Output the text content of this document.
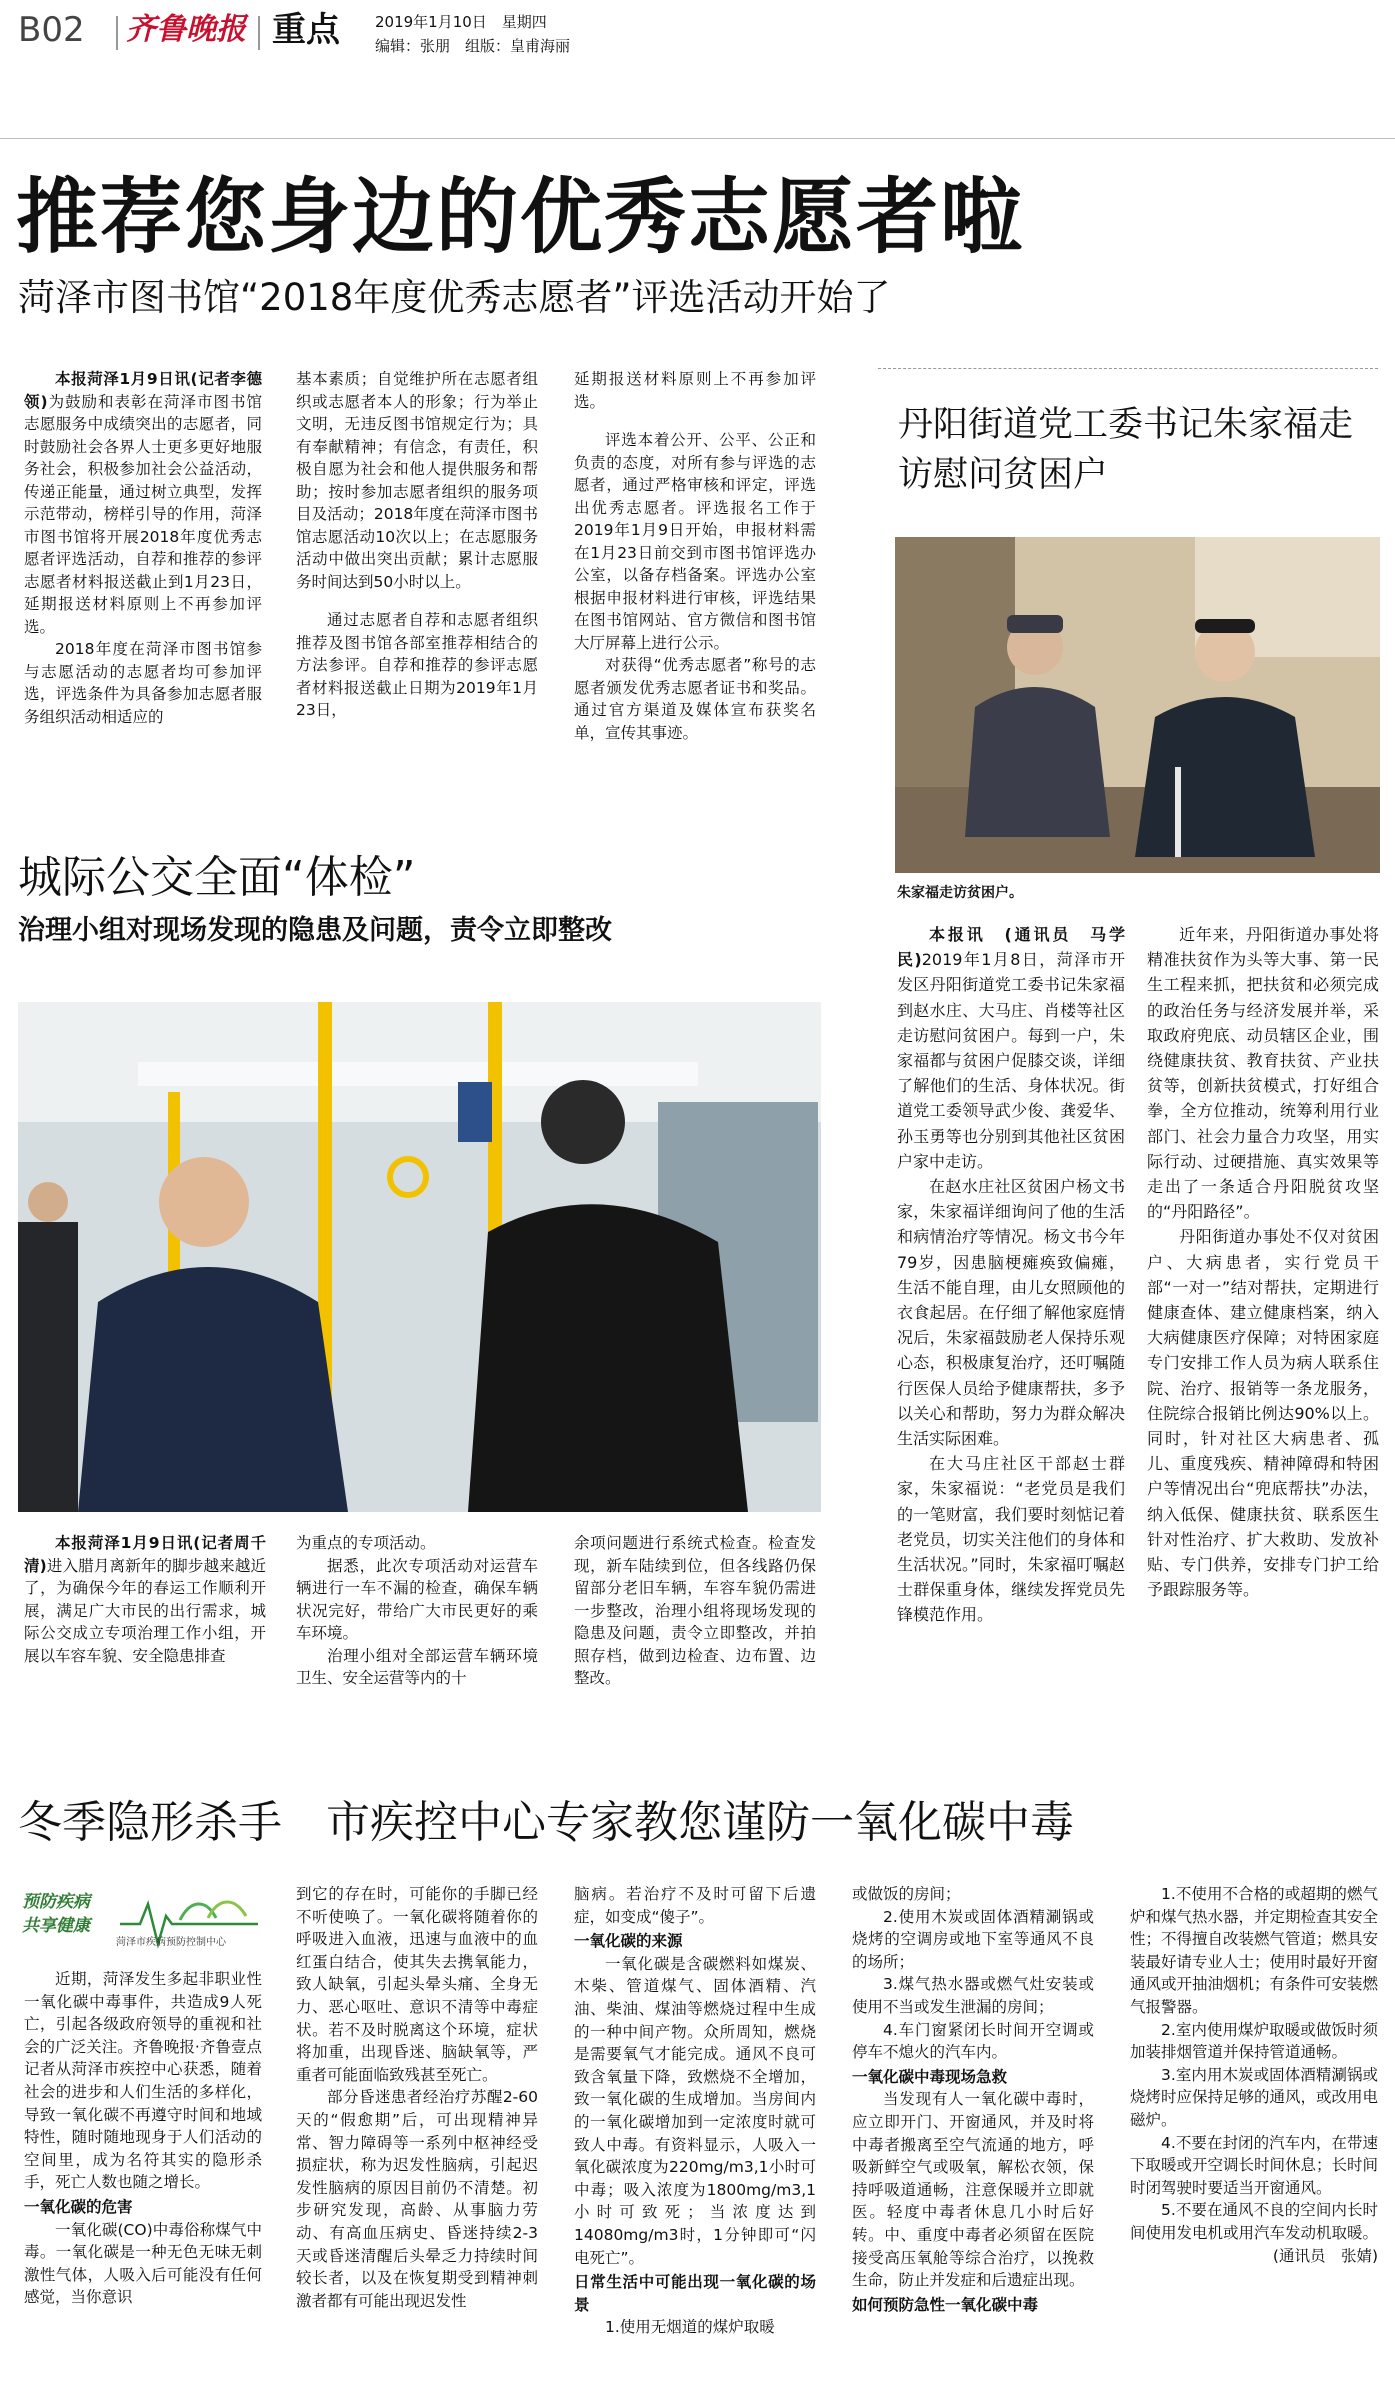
B02 齐鲁晚报 重点 2019年1月10日　星期四
编辑：张朋　组版：皇甫海丽
推荐您身边的优秀志愿者啦
菏泽市图书馆“2018年度优秀志愿者”评选活动开始了

本报菏泽1月9日讯(记者李德领)为鼓励和表彰在菏泽市图书馆志愿服务中成绩突出的志愿者，同时鼓励社会各界人士更多更好地服务社会，积极参加社会公益活动，传递正能量，通过树立典型，发挥示范带动，榜样引导的作用，菏泽市图书馆将开展2018年度优秀志愿者评选活动，自荐和推荐的参评志愿者材料报送截止到1月23日，延期报送材料原则上不再参加评选。

2018年度在菏泽市图书馆参与志愿活动的志愿者均可参加评选，评选条件为具备参加志愿者服务组织活动相适应的

基本素质；自觉维护所在志愿者组织或志愿者本人的形象；行为举止文明，无违反图书馆规定行为；具有奉献精神；有信念，有责任，积极自愿为社会和他人提供服务和帮助；按时参加志愿者组织的服务项目及活动；2018年度在菏泽市图书馆志愿活动10次以上；在志愿服务活动中做出突出贡献；累计志愿服务时间达到50小时以上。

通过志愿者自荐和志愿者组织推荐及图书馆各部室推荐相结合的方法参评。自荐和推荐的参评志愿者材料报送截止日期为2019年1月23日，

延期报送材料原则上不再参加评选。

评选本着公开、公平、公正和负责的态度，对所有参与评选的志愿者，通过严格审核和评定，评选出优秀志愿者。评选报名工作于2019年1月9日开始，申报材料需在1月23日前交到市图书馆评选办公室，以备存档备案。评选办公室根据申报材料进行审核，评选结果在图书馆网站、官方微信和图书馆大厅屏幕上进行公示。

对获得“优秀志愿者”称号的志愿者颁发优秀志愿者证书和奖品。通过官方渠道及媒体宣布获奖名单，宣传其事迹。

丹阳街道党工委书记朱家福走访慰问贫困户
朱家福走访贫困户。

本报讯　(通讯员　马学民)2019年1月8日，菏泽市开发区丹阳街道党工委书记朱家福到赵水庄、大马庄、肖楼等社区走访慰问贫困户。每到一户，朱家福都与贫困户促膝交谈，详细了解他们的生活、身体状况。街道党工委领导武少俊、龚爱华、孙玉勇等也分别到其他社区贫困户家中走访。

在赵水庄社区贫困户杨文书家，朱家福详细询问了他的生活和病情治疗等情况。杨文书今年79岁，因患脑梗瘫痪致偏瘫，生活不能自理，由儿女照顾他的衣食起居。在仔细了解他家庭情况后，朱家福鼓励老人保持乐观心态，积极康复治疗，还叮嘱随行医保人员给予健康帮扶，多予以关心和帮助，努力为群众解决生活实际困难。

在大马庄社区干部赵士群家，朱家福说：“老党员是我们的一笔财富，我们要时刻惦记着老党员，切实关注他们的身体和生活状况。”同时，朱家福叮嘱赵士群保重身体，继续发挥党员先锋模范作用。

近年来，丹阳街道办事处将精准扶贫作为头等大事、第一民生工程来抓，把扶贫和必须完成的政治任务与经济发展并举，采取政府兜底、动员辖区企业，围绕健康扶贫、教育扶贫、产业扶贫等，创新扶贫模式，打好组合拳，全方位推动，统筹利用行业部门、社会力量合力攻坚，用实际行动、过硬措施、真实效果等走出了一条适合丹阳脱贫攻坚的“丹阳路径”。

丹阳街道办事处不仅对贫困户、大病患者，实行党员干部“一对一”结对帮扶，定期进行健康查体、建立健康档案，纳入大病健康医疗保障；对特困家庭专门安排工作人员为病人联系住院、治疗、报销等一条龙服务，住院综合报销比例达90%以上。同时，针对社区大病患者、孤儿、重度残疾、精神障碍和特困户等情况出台“兜底帮扶”办法，纳入低保、健康扶贫、联系医生针对性治疗、扩大救助、发放补贴、专门供养，安排专门护工给予跟踪服务等。

城际公交全面“体检”
治理小组对现场发现的隐患及问题，责令立即整改

本报菏泽1月9日讯(记者周千清)进入腊月离新年的脚步越来越近了，为确保今年的春运工作顺利开展，满足广大市民的出行需求，城际公交成立专项治理工作小组，开展以车容车貌、安全隐患排查

为重点的专项活动。

据悉，此次专项活动对运营车辆进行一车不漏的检查，确保车辆状况完好，带给广大市民更好的乘车环境。

治理小组对全部运营车辆环境卫生、安全运营等内的十

余项问题进行系统式检查。检查发现，新车陆续到位，但各线路仍保留部分老旧车辆，车容车貌仍需进一步整改，治理小组将现场发现的隐患及问题，责令立即整改，并拍照存档，做到边检查、边布置、边整改。

冬季隐形杀手　市疾控中心专家教您谨防一氧化碳中毒
预防疾病
共享健康
菏泽市疾病预防控制中心

近期，菏泽发生多起非职业性一氧化碳中毒事件，共造成9人死亡，引起各级政府领导的重视和社会的广泛关注。齐鲁晚报·齐鲁壹点记者从菏泽市疾控中心获悉，随着社会的进步和人们生活的多样化，导致一氧化碳不再遵守时间和地域特性，随时随地现身于人们活动的空间里，成为名符其实的隐形杀手，死亡人数也随之增长。

一氧化碳的危害

一氧化碳(CO)中毒俗称煤气中毒。一氧化碳是一种无色无味无刺激性气体，人吸入后可能没有任何感觉，当你意识

到它的存在时，可能你的手脚已经不听使唤了。一氧化碳将随着你的呼吸进入血液，迅速与血液中的血红蛋白结合，使其失去携氧能力，致人缺氧，引起头晕头痛、全身无力、恶心呕吐、意识不清等中毒症状。若不及时脱离这个环境，症状将加重，出现昏迷、脑缺氧等，严重者可能面临致残甚至死亡。

部分昏迷患者经治疗苏醒2-60天的“假愈期”后，可出现精神异常、智力障碍等一系列中枢神经受损症状，称为迟发性脑病，引起迟发性脑病的原因目前仍不清楚。初步研究发现，高龄、从事脑力劳动、有高血压病史、昏迷持续2-3天或昏迷清醒后头晕乏力持续时间较长者，以及在恢复期受到精神刺激者都有可能出现迟发性

脑病。若治疗不及时可留下后遗症，如变成“傻子”。

一氧化碳的来源

一氧化碳是含碳燃料如煤炭、木柴、管道煤气、固体酒精、汽油、柴油、煤油等燃烧过程中生成的一种中间产物。众所周知，燃烧是需要氧气才能完成。通风不良可致含氧量下降，致燃烧不全增加，致一氧化碳的生成增加。当房间内的一氧化碳增加到一定浓度时就可致人中毒。有资料显示，人吸入一氧化碳浓度为220mg/m3,1小时可中毒；吸入浓度为1800mg/m3,1小时可致死；当浓度达到14080mg/m3时，1分钟即可“闪电死亡”。

日常生活中可能出现一氧化碳的场景

1.使用无烟道的煤炉取暖

或做饭的房间；

2.使用木炭或固体酒精涮锅或烧烤的空调房或地下室等通风不良的场所；

3.煤气热水器或燃气灶安装或使用不当或发生泄漏的房间；

4.车门窗紧闭长时间开空调或停车不熄火的汽车内。

一氧化碳中毒现场急救

当发现有人一氧化碳中毒时，应立即开门、开窗通风，并及时将中毒者搬离至空气流通的地方，呼吸新鲜空气或吸氧，解松衣领，保持呼吸道通畅，注意保暖并立即就医。轻度中毒者休息几小时后好转。中、重度中毒者必须留在医院接受高压氧舱等综合治疗，以挽救生命，防止并发症和后遗症出现。

如何预防急性一氧化碳中毒

1.不使用不合格的或超期的燃气炉和煤气热水器，并定期检查其安全性；不得擅自改装燃气管道；燃具安装最好请专业人士；使用时最好开窗通风或开抽油烟机；有条件可安装燃气报警器。

2.室内使用煤炉取暖或做饭时须加装排烟管道并保持管道通畅。

3.室内用木炭或固体酒精涮锅或烧烤时应保持足够的通风，或改用电磁炉。

4.不要在封闭的汽车内，在带速下取暖或开空调长时间休息；长时间时闭驾驶时要适当开窗通风。

5.不要在通风不良的空间内长时间使用发电机或用汽车发动机取暖。

(通讯员　张婧)
